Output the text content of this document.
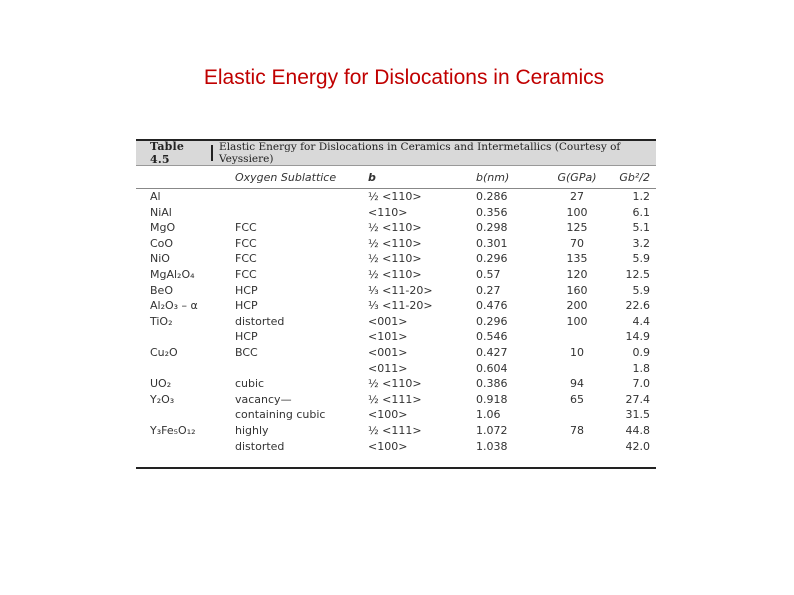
Elastic Energy for Dislocations in Ceramics
Table 4.5
Elastic Energy for Dislocations in Ceramics and Intermetallics (Courtesy of Veyssiere)
	Oxygen Sublattice	b	b(nm)	G(GPa)	Gb²/2
Al		½ <110>	0.286	27	1.2
NiAl		<110>	0.356	100	6.1
MgO	FCC	½ <110>	0.298	125	5.1
CoO	FCC	½ <110>	0.301	70	3.2
NiO	FCC	½ <110>	0.296	135	5.9
MgAl₂O₄	FCC	½ <110>	0.57	120	12.5
BeO	HCP	⅓ <11-20>	0.27	160	5.9
Al₂O₃ – α	HCP	⅓ <11-20>	0.476	200	22.6
TiO₂	distorted	<001>	0.296	100	4.4
	HCP	<101>	0.546		14.9
Cu₂O	BCC	<001>	0.427	10	0.9
		<011>	0.604		1.8
UO₂	cubic	½ <110>	0.386	94	7.0
Y₂O₃	vacancy—	½ <111>	0.918	65	27.4
	containing cubic	<100>	1.06		31.5
Y₃Fe₅O₁₂	highly	½ <111>	1.072	78	44.8
	distorted	<100>	1.038		42.0
